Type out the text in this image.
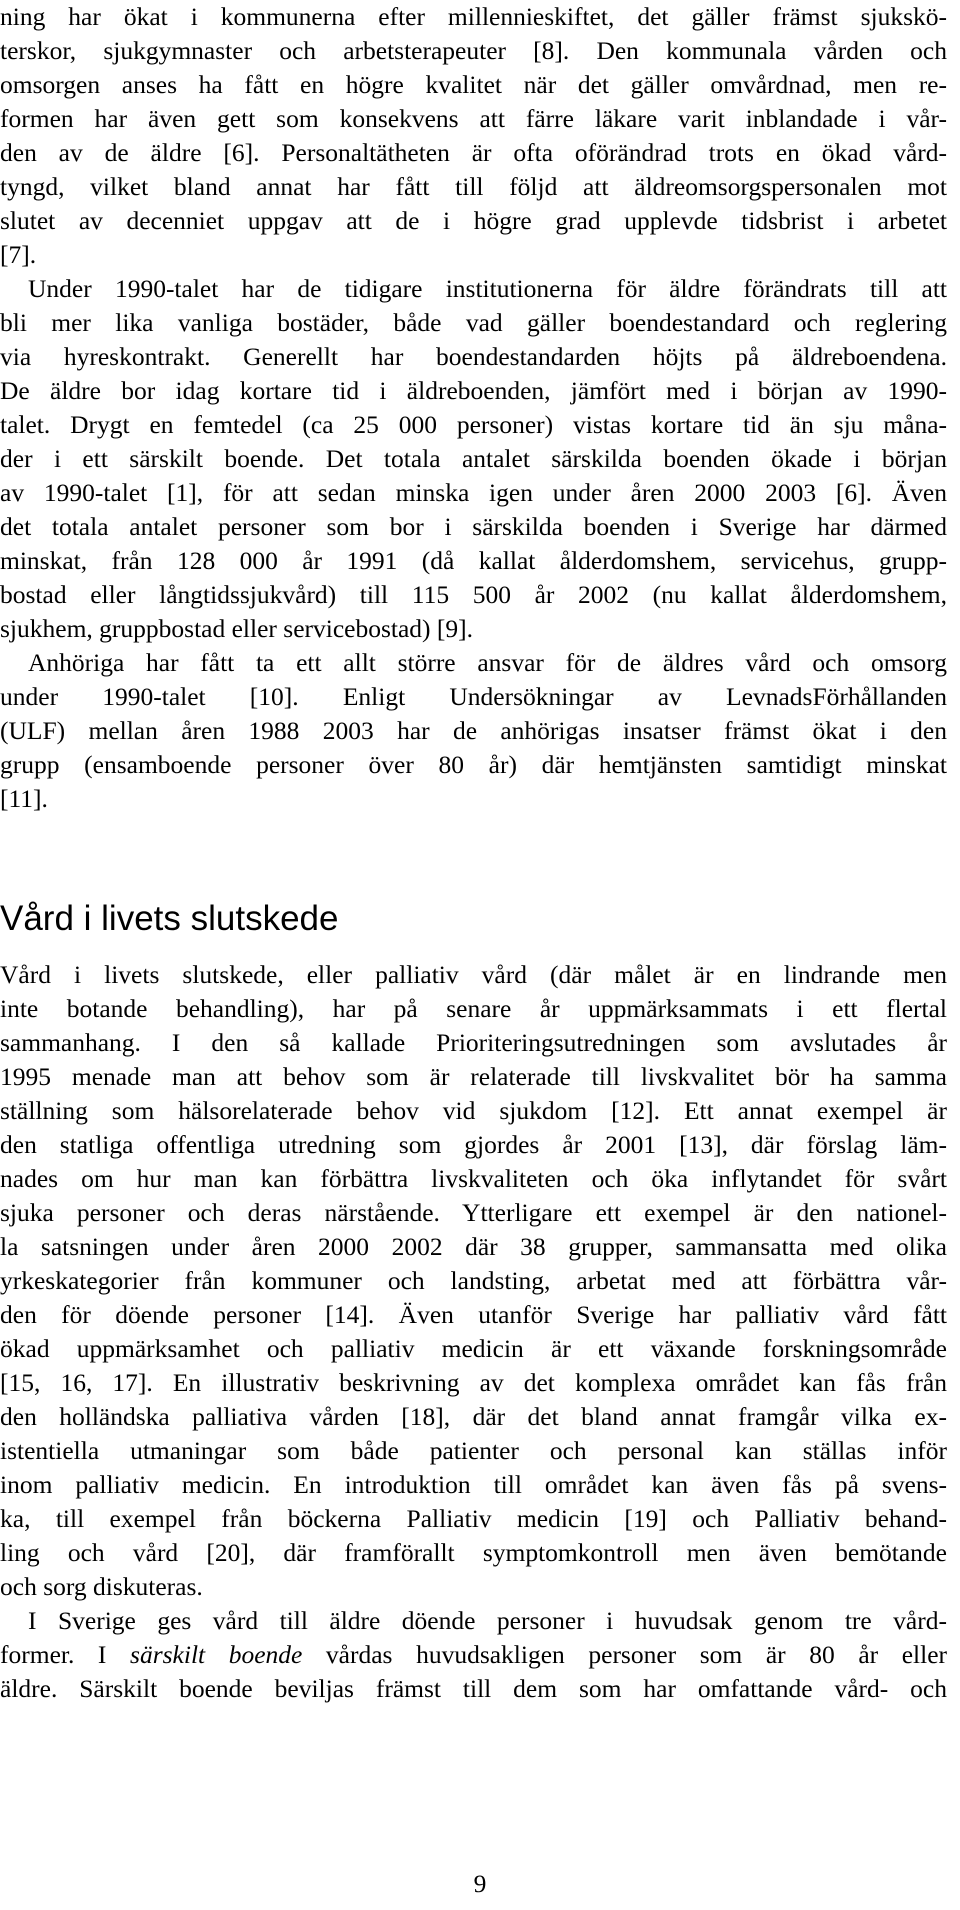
ning har ökat i kommunerna efter millennieskiftet, det gäller främst sjukskö-
terskor, sjukgymnaster och arbetsterapeuter [8]. Den kommunala vården och
omsorgen anses ha fått en högre kvalitet när det gäller omvårdnad, men re-
formen har även gett som konsekvens att färre läkare varit inblandade i vår-
den av de äldre [6]. Personaltätheten är ofta oförändrad trots en ökad vård-
tyngd, vilket bland annat har fått till följd att äldreomsorgspersonalen mot
slutet av decenniet uppgav att de i högre grad upplevde tidsbrist i arbetet
[7].
Under 1990-talet har de tidigare institutionerna för äldre förändrats till att
bli mer lika vanliga bostäder, både vad gäller boendestandard och reglering
via hyreskontrakt. Generellt har boendestandarden höjts på äldreboendena.
De äldre bor idag kortare tid i äldreboenden, jämfört med i början av 1990-
talet. Drygt en femtedel (ca 25 000 personer) vistas kortare tid än sju måna-
der i ett särskilt boende. Det totala antalet särskilda boenden ökade i början
av 1990-talet [1], för att sedan minska igen under åren 2000 2003 [6]. Även
det totala antalet personer som bor i särskilda boenden i Sverige har därmed
minskat, från 128 000 år 1991 (då kallat ålderdomshem, servicehus, grupp-
bostad eller långtidssjukvård) till 115 500 år 2002 (nu kallat ålderdomshem,
sjukhem, gruppbostad eller servicebostad) [9].
Anhöriga har fått ta ett allt större ansvar för de äldres vård och omsorg
under 1990-talet [10]. Enligt Undersökningar av LevnadsFörhållanden
(ULF) mellan åren 1988 2003 har de anhörigas insatser främst ökat i den
grupp (ensamboende personer över 80 år) där hemtjänsten samtidigt minskat
[11].
Vård i livets slutskede
Vård i livets slutskede, eller palliativ vård (där målet är en lindrande men
inte botande behandling), har på senare år uppmärksammats i ett flertal
sammanhang. I den så kallade Prioriteringsutredningen som avslutades år
1995 menade man att behov som är relaterade till livskvalitet bör ha samma
ställning som hälsorelaterade behov vid sjukdom [12]. Ett annat exempel är
den statliga offentliga utredning som gjordes år 2001 [13], där förslag läm-
nades om hur man kan förbättra livskvaliteten och öka inflytandet för svårt
sjuka personer och deras närstående. Ytterligare ett exempel är den nationel-
la satsningen under åren 2000 2002 där 38 grupper, sammansatta med olika
yrkeskategorier från kommuner och landsting, arbetat med att förbättra vår-
den för döende personer [14]. Även utanför Sverige har palliativ vård fått
ökad uppmärksamhet och palliativ medicin är ett växande forskningsområde
[15, 16, 17]. En illustrativ beskrivning av det komplexa området kan fås från
den holländska palliativa vården [18], där det bland annat framgår vilka ex-
istentiella utmaningar som både patienter och personal kan ställas inför
inom palliativ medicin. En introduktion till området kan även fås på svens-
ka, till exempel från böckerna Palliativ medicin [19] och Palliativ behand-
ling och vård [20], där framförallt symptomkontroll men även bemötande
och sorg diskuteras.
I Sverige ges vård till äldre döende personer i huvudsak genom tre vård-
former. I särskilt boende vårdas huvudsakligen personer som är 80 år eller
äldre. Särskilt boende beviljas främst till dem som har omfattande vård- och
9
